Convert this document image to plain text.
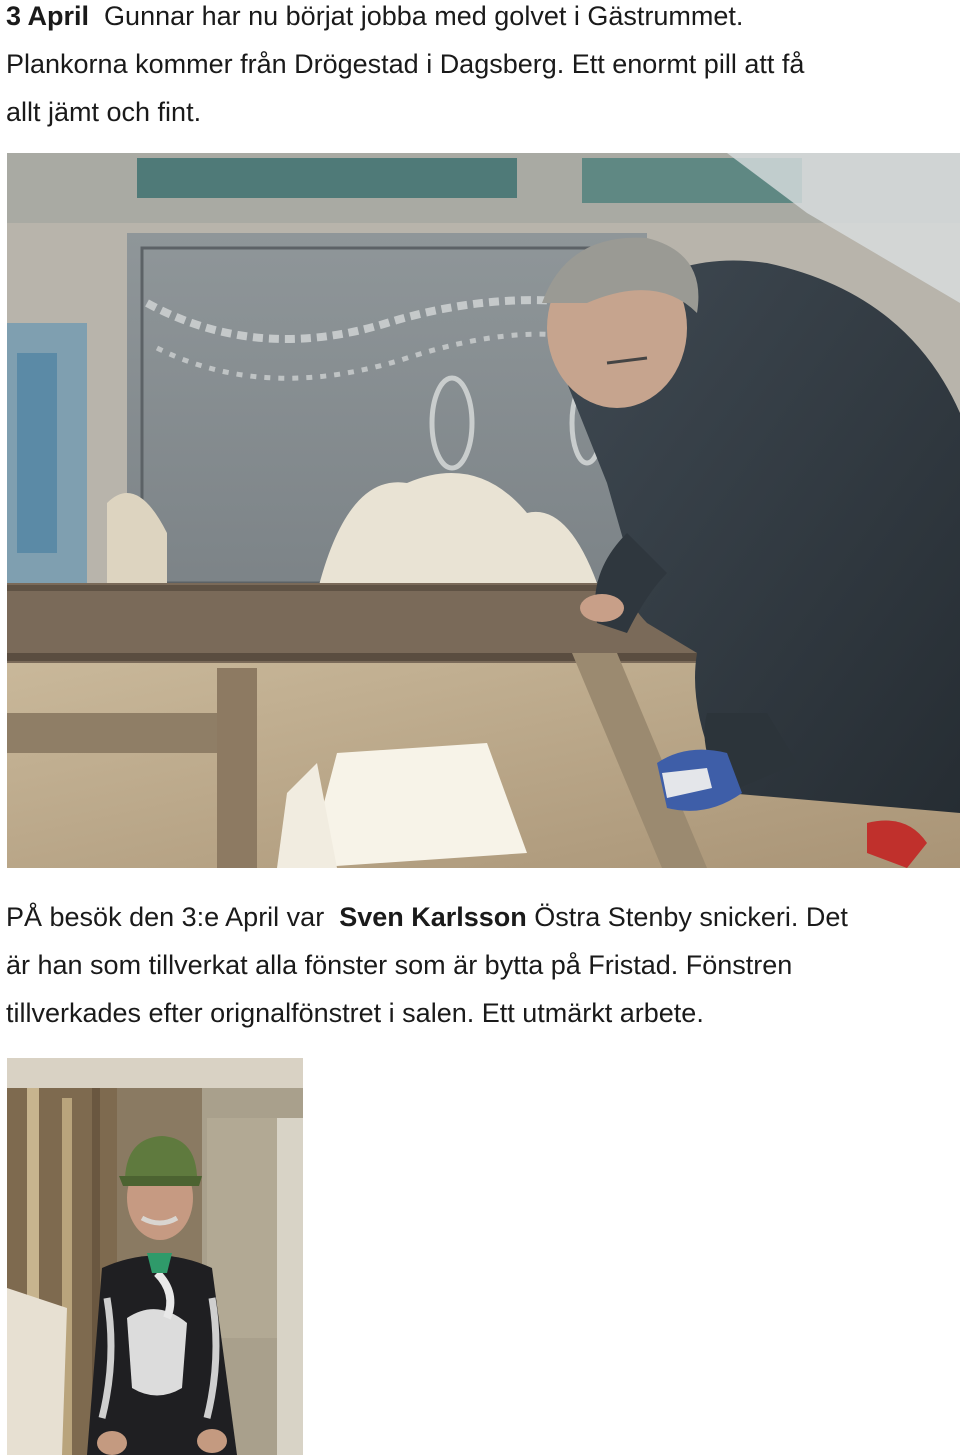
3 April Gunnar har nu börjat jobba med golvet i Gästrummet.
Plankorna kommer från Drögestad i Dagsberg. Ett enormt pill att få
allt jämt och fint.

PÅ besök den 3:e April var Sven Karlsson Östra Stenby snickeri. Det
är han som tillverkat alla fönster som är bytta på Fristad. Fönstren
tillverkades efter orignalfönstret i salen. Ett utmärkt arbete.
